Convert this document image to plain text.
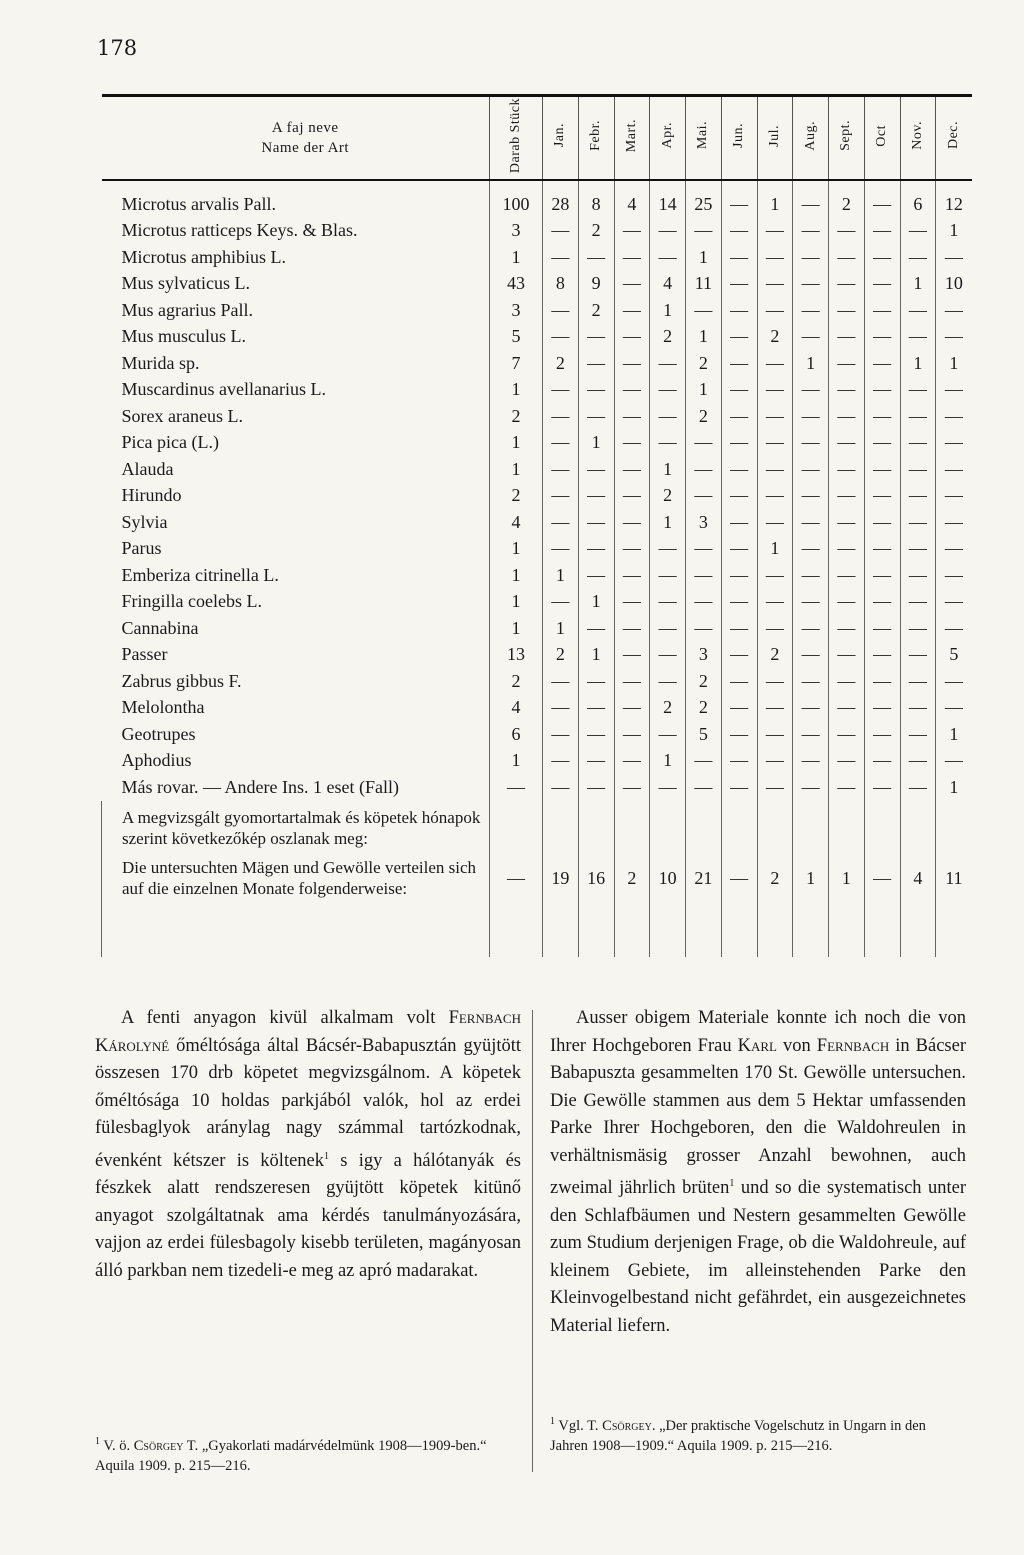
178
A faj neve
Name der Art	Darab Stück	Jan.	Febr.	Mart.	Apr.	Mai.	Jun.	Jul.	Aug.	Sept.	Oct	Nov.	Dec.
Microtus arvalis Pall.	100	28	8	4	14	25	—	1	—	2	—	6	12
Microtus ratticeps Keys. & Blas.	3	—	2	—	—	—	—	—	—	—	—	—	1
Microtus amphibius L.	1	—	—	—	—	1	—	—	—	—	—	—	—
Mus sylvaticus L.	43	8	9	—	4	11	—	—	—	—	—	1	10
Mus agrarius Pall.	3	—	2	—	1	—	—	—	—	—	—	—	—
Mus musculus L.	5	—	—	—	2	1	—	2	—	—	—	—	—
Murida sp.	7	2	—	—	—	2	—	—	1	—	—	1	1
Muscardinus avellanarius L.	1	—	—	—	—	1	—	—	—	—	—	—	—
Sorex araneus L.	2	—	—	—	—	2	—	—	—	—	—	—	—
Pica pica (L.)	1	—	1	—	—	—	—	—	—	—	—	—	—
Alauda	1	—	—	—	1	—	—	—	—	—	—	—	—
Hirundo	2	—	—	—	2	—	—	—	—	—	—	—	—
Sylvia	4	—	—	—	1	3	—	—	—	—	—	—	—
Parus	1	—	—	—	—	—	—	1	—	—	—	—	—
Emberiza citrinella L.	1	1	—	—	—	—	—	—	—	—	—	—	—
Fringilla coelebs L.	1	—	1	—	—	—	—	—	—	—	—	—	—
Cannabina	1	1	—	—	—	—	—	—	—	—	—	—	—
Passer	13	2	1	—	—	3	—	2	—	—	—	—	5
Zabrus gibbus F.	2	—	—	—	—	2	—	—	—	—	—	—	—
Melolontha	4	—	—	—	2	2	—	—	—	—	—	—	—
Geotrupes	6	—	—	—	—	5	—	—	—	—	—	—	1
Aphodius	1	—	—	—	1	—	—	—	—	—	—	—	—
Más rovar. — Andere Ins. 1 eset (Fall)	—	—	—	—	—	—	—	—	—	—	—	—	1

A megvizsgált gyomortartalmak és köpetek hónapok szerint következőkép oszlanak meg:

Die untersuchten Mägen und Gewölle verteilen sich auf die einzelnen Monate folgenderweise:	—	19	16	2	10	21	—	2	1	1	—	4	11
A fenti anyagon kivül alkalmam volt Fernbach Károlyné őméltósága által Bácsér-Babapusztán gyüjtött összesen 170 drb köpetet megvizsgálnom. A köpetek őméltósága 10 holdas parkjából valók, hol az erdei fülesbaglyok aránylag nagy számmal tartózkodnak, évenként kétszer is költenek$^1$ s igy a hálótanyák és fészkek alatt rendszeresen gyüjtött köpetek kitünő anyagot szolgáltatnak ama kérdés tanulmányozására, vajjon az erdei fülesbagoly kisebb területen, magányosan álló parkban nem tizedeli-e meg az apró madarakat.
Ausser obigem Materiale konnte ich noch die von Ihrer Hochgeboren Frau Karl von Fernbach in Bácser Babapuszta gesammelten 170 St. Gewölle untersuchen. Die Gewölle stammen aus dem 5 Hektar umfassenden Parke Ihrer Hochgeboren, den die Waldohreulen in verhältnismäsig grosser Anzahl bewohnen, auch zweimal jährlich brüten$^1$ und so die systematisch unter den Schlafbäumen und Nestern gesammelten Gewölle zum Studium derjenigen Frage, ob die Waldohreule, auf kleinem Gebiete, im alleinstehenden Parke den Kleinvogelbestand nicht gefährdet, ein ausgezeichnetes Material liefern.
$^1$ V. ö. Csörgey T. „Gyakorlati madárvédelmünk 1908—1909-ben.“ Aquila 1909. p. 215—216.
$^1$ Vgl. T. Csörgey. „Der praktische Vogelschutz in Ungarn in den Jahren 1908—1909.“ Aquila 1909. p. 215—216.
